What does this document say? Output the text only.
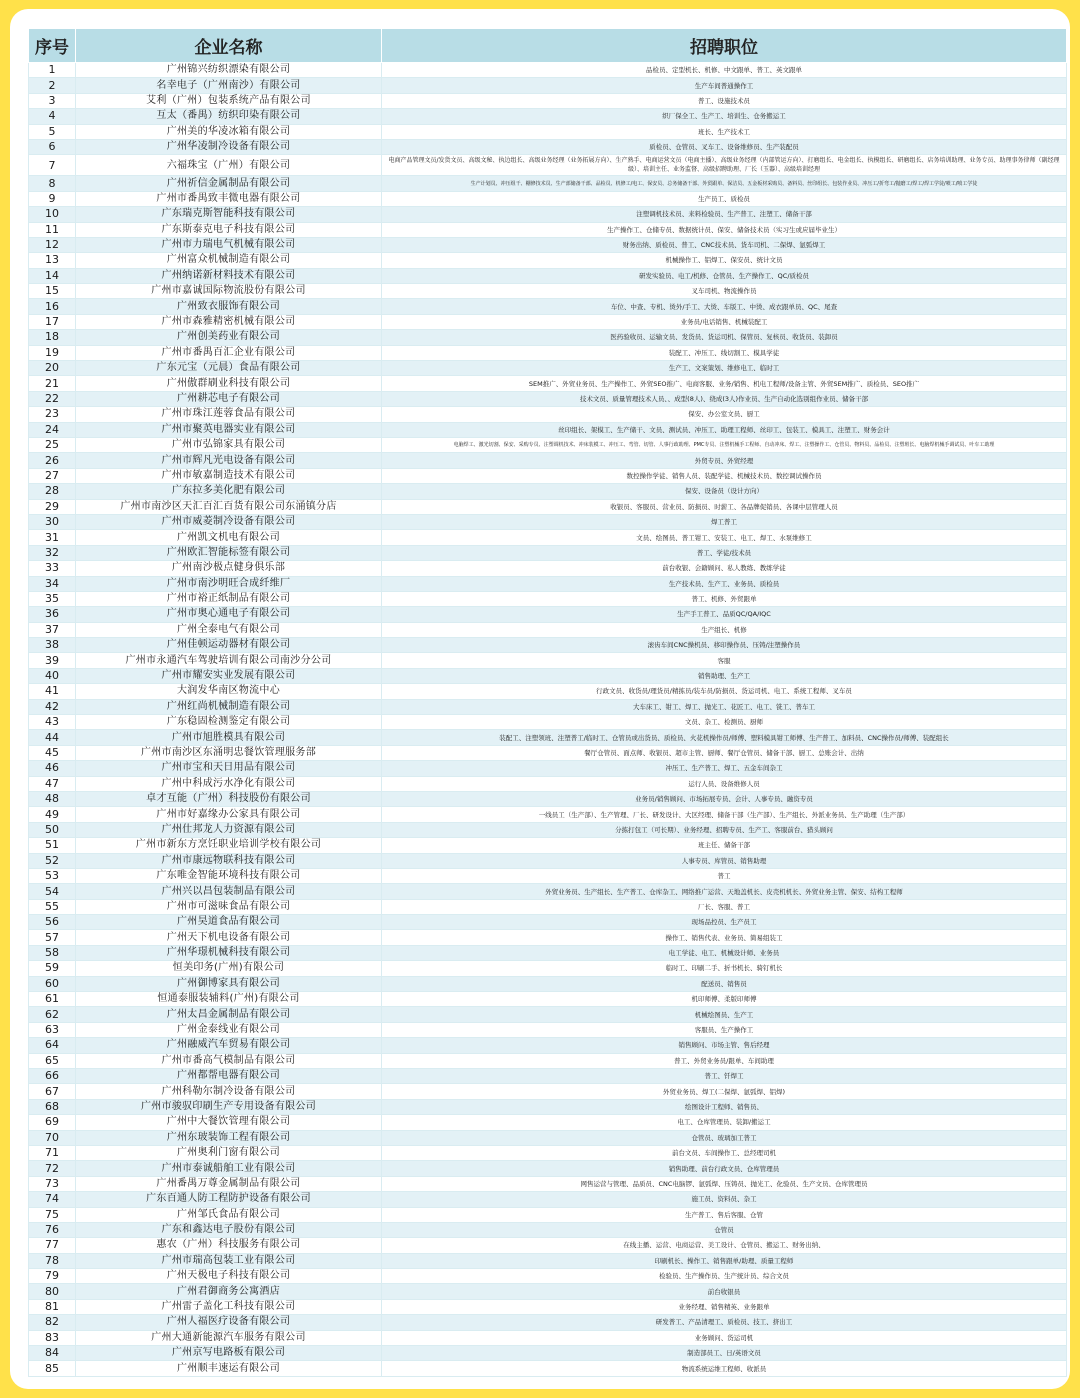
序号	企业名称	招聘职位
1	广州锦兴纺织漂染有限公司	品检员、定型机长、机修、中文跟单、普工、英文跟单
2	名幸电子（广州南沙）有限公司	生产车间普通操作工
3	艾利（广州）包装系统产品有限公司	普工、设施技术员
4	互太（番禺）纺织印染有限公司	织厂保全工、生产工、培训生、仓务搬运工
5	广州美的华凌冰箱有限公司	班长、生产技术工
6	广州华凌制冷设备有限公司	质检员、仓管员、叉车工、设备维修员、生产装配员
7	六福珠宝（广州）有限公司	电商产品管理文员/发货文员、高级文秘、执边组长、高级业务经理（业务拓展方向）、生产熟手、电商运营文员（电商主播）、高级业务经理（内部管运方向）、打磨组长、电金组长、执模组长、研磨组长、店务培训助理、业务专员、助理事务律师（副经理级）、培训主任、业务监督、高级招聘助理、厂长（玉器）、高级培训经理
8	广州祈信金属制品有限公司	生产计划员、冲压组干、棚修技术员、生产部储备干部、品检员、机修工/电工、保安员、总务储备干部、外贸跟单、保洁员、五金板材采购员、备料员、丝印组长、包装作业员、冲压工/折弯工/抛磨工/焊工/焊工学徒/喷工/喷工学徒
9	广州市番禺致丰微电器有限公司	生产员工、质检员
10	广东瑞克斯智能科技有限公司	注塑调机技术员、来料检验员、生产普工、注塑工、储备干部
11	广东斯泰克电子科技有限公司	生产操作工、仓储专员、数据统计员、保安、储备技术员（实习生或应届毕业生）
12	广州市力瑞电气机械有限公司	财务出纳、质检员、普工、CNC技术员、货车司机、二保焊、氩弧焊工
13	广州富众机械制造有限公司	机械操作工、铝焊工、保安员、统计文员
14	广州纳诺新材料技术有限公司	研发实验员、电工/机修、仓管员、生产操作工、QC/质检员
15	广州市嘉诚国际物流股份有限公司	叉车司机、物流操作员
16	广州致衣服饰有限公司	车位、中查、专机、烫外/手工、大烫、车版工、中烫、成衣跟单员、QC、尾查
17	广州市森雅精密机械有限公司	业务员/电话销售、机械装配工
18	广州创美药业有限公司	医药验收员、运输文员、发货员、货运司机、保管员、复核员、收货员、装卸员
19	广州市番禺百汇企业有限公司	装配工、冲压工、线切割工、模具学徒
20	广东元宝（元晨）食品有限公司	生产工、文案策划、维修电工、临时工
21	广州傲群刷业科技有限公司	SEM推广、外贸业务员、生产操作工、外贸SEO推广、电商客服、业务/销售、机电工程师/设备主管、外贸SEM推广、质检员、SEO推广
22	广州耕芯电子有限公司	技术文员、质量管理技术人员、、成型(8人)、绕成(3人)作业员、生产自动化选别组作业员、储备干部
23	广州市珠江莲蓉食品有限公司	保安、办公室文员、厨工
24	广州市聚英电器实业有限公司	丝印组长、架模工、生产储干、文员、测试员、冲压工、助理工程师、丝印工、包装工、模具工、注塑工、财务会计
25	广州市弘锦家具有限公司	电脑焊工、激光切割、保安、采购专员、注塑调机技术、冲床装模工、冲压工、弯管、切管、人事行政助理、PMC专员、注塑机械手工程师、自动冲床、焊工、注塑操作工、仓管员、物料员、品检员、注塑班长、电脑焊机械手调试员、叶车工助理
26	广州市辉凡光电设备有限公司	外贸专员、外贸经理
27	广州市敏嘉制造技术有限公司	数控操作学徒、销售人员、装配学徒、机械技术员、数控调试操作员
28	广东拉多美化肥有限公司	保安、设备员（设计方向）
29	广州市南沙区天汇百汇百货有限公司东涌镇分店	收银员、客服员、营业员、防损员、时薪工、各品牌促销员、各课中层管理人员
30	广州市威菱制冷设备有限公司	焊工普工
31	广州凯文机电有限公司	文员、绘图员、普工钳工、安装工、电工、焊工、水泵维修工
32	广州欧汇智能标签有限公司	普工、学徒/技术员
33	广州南沙极点健身俱乐部	前台收银、会籍顾问、私人教练、教练学徒
34	广州市南沙明旺合成纤维厂	生产技术员、生产工、业务员、质检员
35	广州市裕正纸制品有限公司	普工、机修、外贸跟单
36	广州市奥心通电子有限公司	生产手工普工、品质QC/QA/IQC
37	广州全泰电气有限公司	生产组长、机修
38	广州佳顿运动器材有限公司	滚齿车间CNC操机员、移印操作员、压铸/注塑操作员
39	广州市永通汽车驾驶培训有限公司南沙分公司	客服
40	广州市耀安实业发展有限公司	销售助理、生产工
41	大润发华南区物流中心	行政文员、收货员/理货员/精拣员/装车员/防损员、货运司机、电工、系统工程师、叉车员
42	广州红尚机械制造有限公司	大车床工、钳工、焊工、抛光工、花匠工、电工、铣工、普车工
43	广东稳固检测鉴定有限公司	文员、杂工、检测员、厨师
44	广州市旭胜模具有限公司	装配工、注塑领班、注塑普工/临时工、仓管员或出货员、质检员、火花机操作员/师傅、塑料模具钳工师傅、生产普工、加料员、CNC操作员/师傅、装配组长
45	广州市南沙区东涌明忠餐饮管理服务部	餐厅仓管员、面点师、收银员、超市主管、厨师、餐厅仓管员、储备干部、厨工、总账会计、出纳
46	广州市宝和天日用品有限公司	冲压工、生产普工、焊工、五金车间杂工
47	广州中科成污水净化有限公司	运行人员、设备维修人员
48	卓才互能（广州）科技股份有限公司	业务员/销售顾问、市场拓展专员、会计、人事专员、融资专员
49	广州市好嘉缘办公家具有限公司	一线员工（生产部）、生产管理、厂长、研发设计、大区经理、储备干部（生产部）、生产组长、外派业务员、生产助理（生产部）
50	广州仕邦龙人力资源有限公司	分拣打包工（可长期）、业务经理、招聘专员、生产工、客服前台、猎头顾问
51	广州市新东方烹饪职业培训学校有限公司	班主任、储备干部
52	广州市康远物联科技有限公司	人事专员、库管员、销售助理
53	广东唯金智能环境科技有限公司	普工
54	广州兴以昌包装制品有限公司	外贸业务员、生产组长、生产普工、仓库杂工、网络推广运营、天地盖机长、皮壳机机长、外贸业务主管、保安、结构工程师
55	广州市可滋味食品有限公司	厂长、客服、普工
56	广州昊道食品有限公司	现场品控员、生产员工
57	广州天下机电设备有限公司	操作工、销售代表、业务员、简易组装工
58	广州华璟机械科技有限公司	电工学徒、电工、机械设计师、业务员
59	恒美印务(广州)有限公司	临时工、印刷二手、折书机长、骑钉机长
60	广州御博家具有限公司	配送员、销售员
61	恒通泰服装辅料(广州)有限公司	机印师傅、柔版印师傅
62	广州太昌金属制品有限公司	机械绘图员、生产工
63	广州金泰线业有限公司	客服员、生产操作工
64	广州融威汽车贸易有限公司	销售顾问、市场主管、售后经理
65	广州市番高气模制品有限公司	普工、外贸业务员/跟单、车间助理
66	广州都帮电器有限公司	普工、钎焊工
67	广州科勒尔制冷设备有限公司	外贸业务员、焊工(二保焊、氩弧焊、铝焊)
68	广州市骏驭印刷生产专用设备有限公司	绘图设计工程师、销售员、
69	广州中大餐饮管理有限公司	电工、仓库管理员、装卸/搬运工
70	广州东玻装饰工程有限公司	仓管员、玻璃加工普工
71	广州奥利门窗有限公司	前台文员、车间操作工、总经理司机
72	广州市泰诚船舶工业有限公司	销售助理、前台行政文员、仓库管理员
73	广州番禺万尊金属制品有限公司	网售运营与管理、品质员、CNC电脑锣、氩弧焊、压铸员、抛光工、化验员、生产文员、仓库管理员
74	广东百通人防工程防护设备有限公司	施工员、资料员、杂工
75	广州邹氏食品有限公司	生产普工、售后客服、仓管
76	广东和鑫达电子股份有限公司	仓管员
77	惠农（广州）科技服务有限公司	在线主播、运营、电商运营、美工设计、仓管员、搬运工、财务出纳、
78	广州市瑞高包装工业有限公司	印刷机长、操作工、销售跟单/助理、质量工程师
79	广州天极电子科技有限公司	检验员、生产操作员、生产统计员、综合文员
80	广州君御商务公寓酒店	前台收银员
81	广州雷子盖化工科技有限公司	业务经理、销售精英、业务跟单
82	广州人福医疗设备有限公司	研发普工、产品清理工、质检员、技工、挤出工
83	广州大通新能源汽车服务有限公司	业务顾问、货运司机
84	广州京写电路板有限公司	制造部员工、日/英语文员
85	广州顺丰速运有限公司	物流系统运维工程师、收派员
